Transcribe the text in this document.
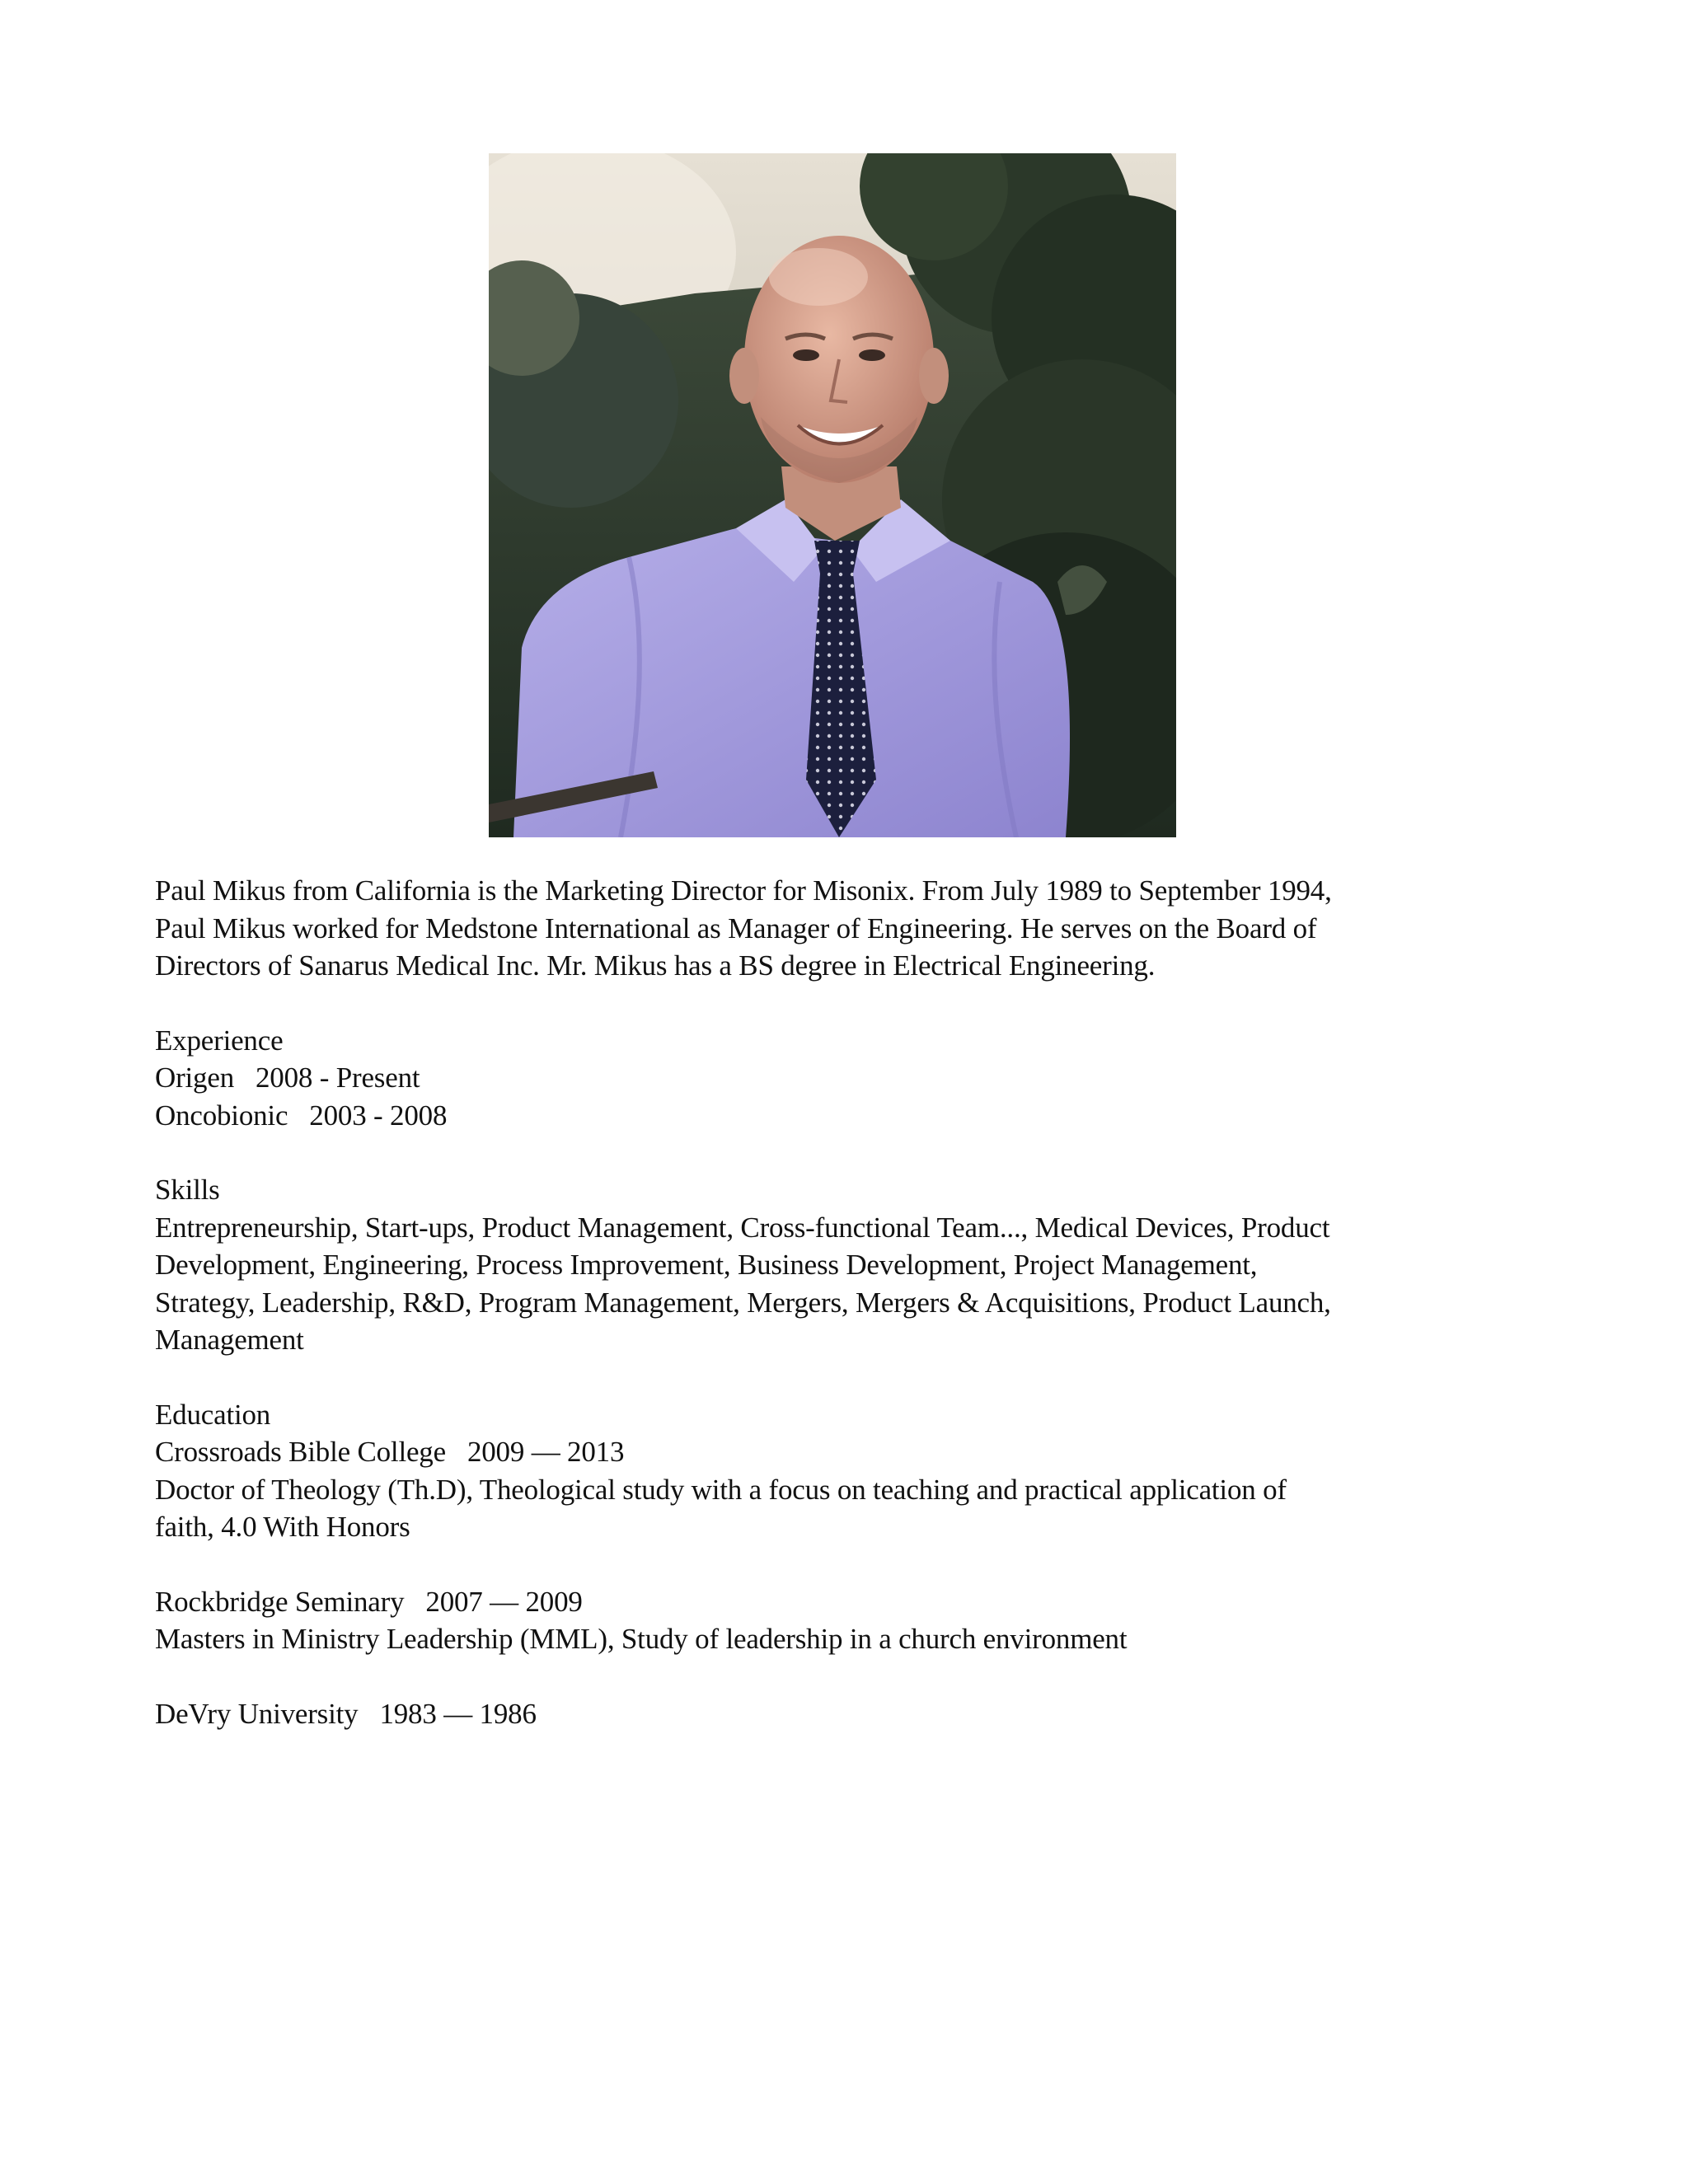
Paul Mikus from California is the Marketing Director for Misonix. From July 1989 to September 1994,
Paul Mikus worked for Medstone International as Manager of Engineering. He serves on the Board of
Directors of Sanarus Medical Inc. Mr. Mikus has a BS degree in Electrical Engineering.
Experience
Origen 2008 - Present
Oncobionic 2003 - 2008
Skills
Entrepreneurship, Start-ups, Product Management, Cross-functional Team..., Medical Devices, Product
Development, Engineering, Process Improvement, Business Development, Project Management,
Strategy, Leadership, R&D, Program Management, Mergers, Mergers & Acquisitions, Product Launch,
Management
Education
Crossroads Bible College 2009 — 2013
Doctor of Theology (Th.D), Theological study with a focus on teaching and practical application of
faith, 4.0 With Honors
Rockbridge Seminary 2007 — 2009
Masters in Ministry Leadership (MML), Study of leadership in a church environment
DeVry University 1983 — 1986
